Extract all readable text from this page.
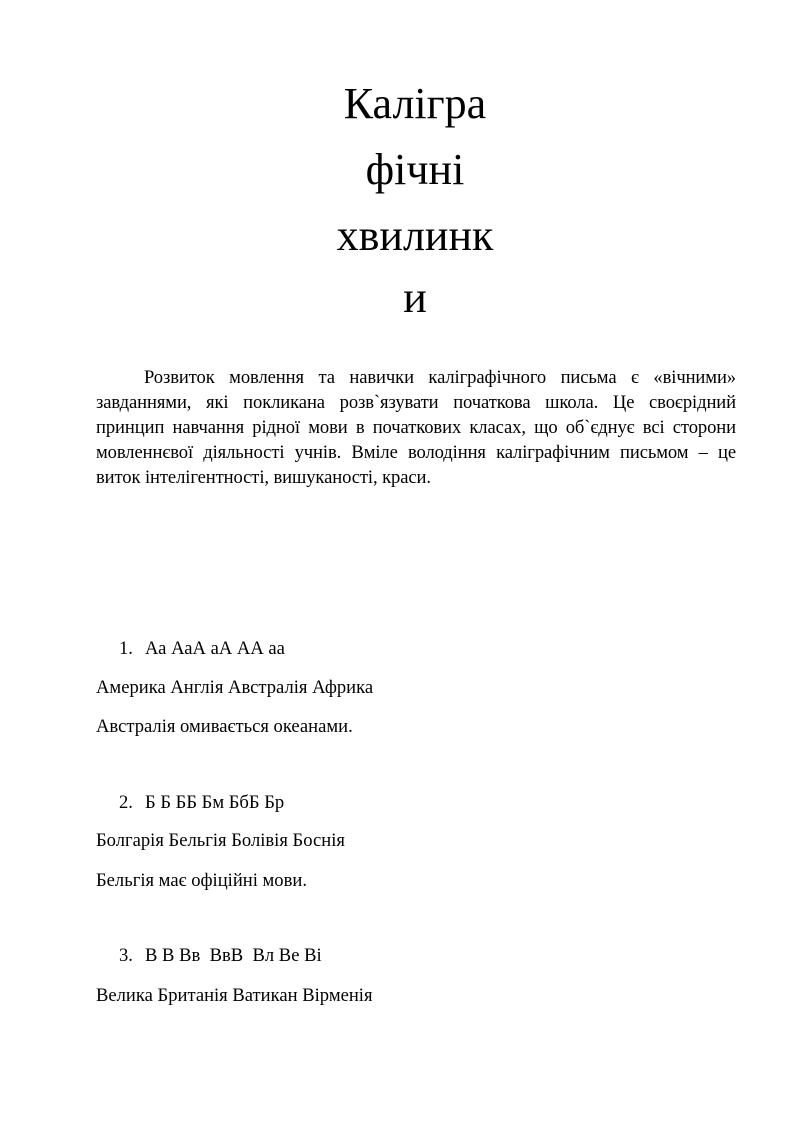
Калігра
фічні
хвилинк
и

Розвиток мовлення та навички каліграфічного письма є «вічними» завданнями, які покликана розв`язувати початкова школа. Це своєрідний принцип навчання рідної мови в початкових класах, що об`єднує всі сторони мовленнєвої діяльності учнів. Вміле володіння каліграфічним письмом – це виток інтелігентності, вишуканості, краси.

1. Аа АаА аА АА аа

Америка Англія Австралія Африка

Австралія омивається океанами.

2. Б Б ББ Бм БбБ Бр

Болгарія Бельгія Болівія Боснія

Бельгія має офіційні мови.

3. В В Вв  ВвВ  Вл Ве Ві

Велика Британія Ватикан Вірменія
